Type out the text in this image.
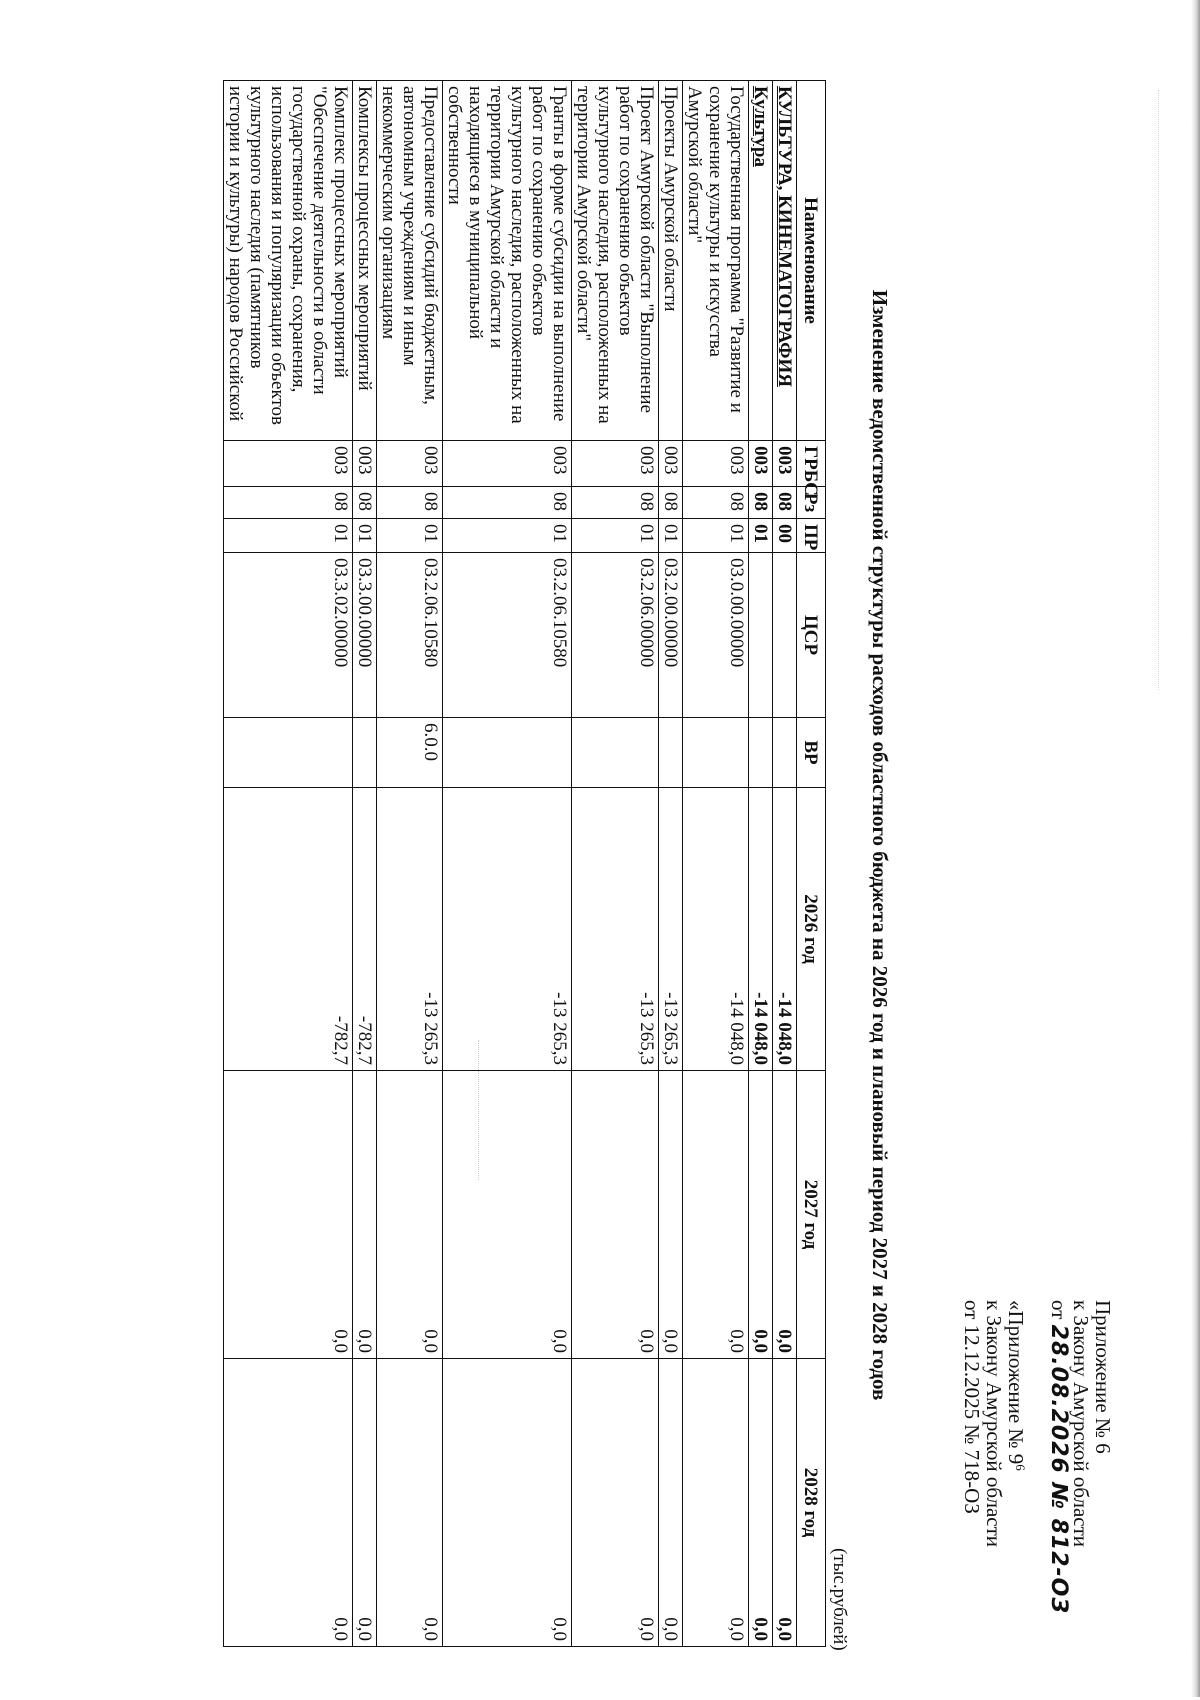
Приложение № 6
к Закону Амурской области
от 28.08.2026 № 812-ОЗ
«Приложение № $9^6$
к Закону Амурской области
от 12.12.2025 № 718-ОЗ
Изменение ведомственной структуры расходов областного бюджета на 2026 год и плановый период 2027 и 2028 годов
(тыс.рублей)
Наименование	ГРБС	Рз	ПР	ЦСР	ВР	2026 год	2027 год	2028 год
КУЛЬТУРА, КИНЕМАТОГРАФИЯ	003	08	00			-14 048,0	0,0	0,0
Культура	003	08	01			-14 048,0	0,0	0,0
Государственная программа "Развитие и сохранение культуры и искусства Амурской области"	003	08	01	03.0.00.00000		-14 048,0	0,0	0,0
Проекты Амурской области	003	08	01	03.2.00.00000		-13 265,3	0,0	0,0
Проект Амурской области "Выполнение работ по сохранению объектов культурного наследия, расположенных на территории Амурской области"	003	08	01	03.2.06.00000		-13 265,3	0,0	0,0
Гранты в форме субсидии на выполнение работ по сохранению объектов культурного наследия, расположенных на территории Амурской области и находящиеся в муниципальной собственности	003	08	01	03.2.06.10580		-13 265,3	0,0	0,0
Предоставление субсидий бюджетным, автономным учреждениям и иным некоммерческим организациям	003	08	01	03.2.06.10580	6.0.0	-13 265,3	0,0	0,0
Комплексы процессных мероприятий	003	08	01	03.3.00.00000		-782,7	0,0	0,0
Комплекс процессных мероприятий "Обеспечение деятельности в области государственной охраны, сохранения, использования и популяризации объектов культурного наследия (памятников истории и культуры) народов Российской	003	08	01	03.3.02.00000		-782,7	0,0	0,0
